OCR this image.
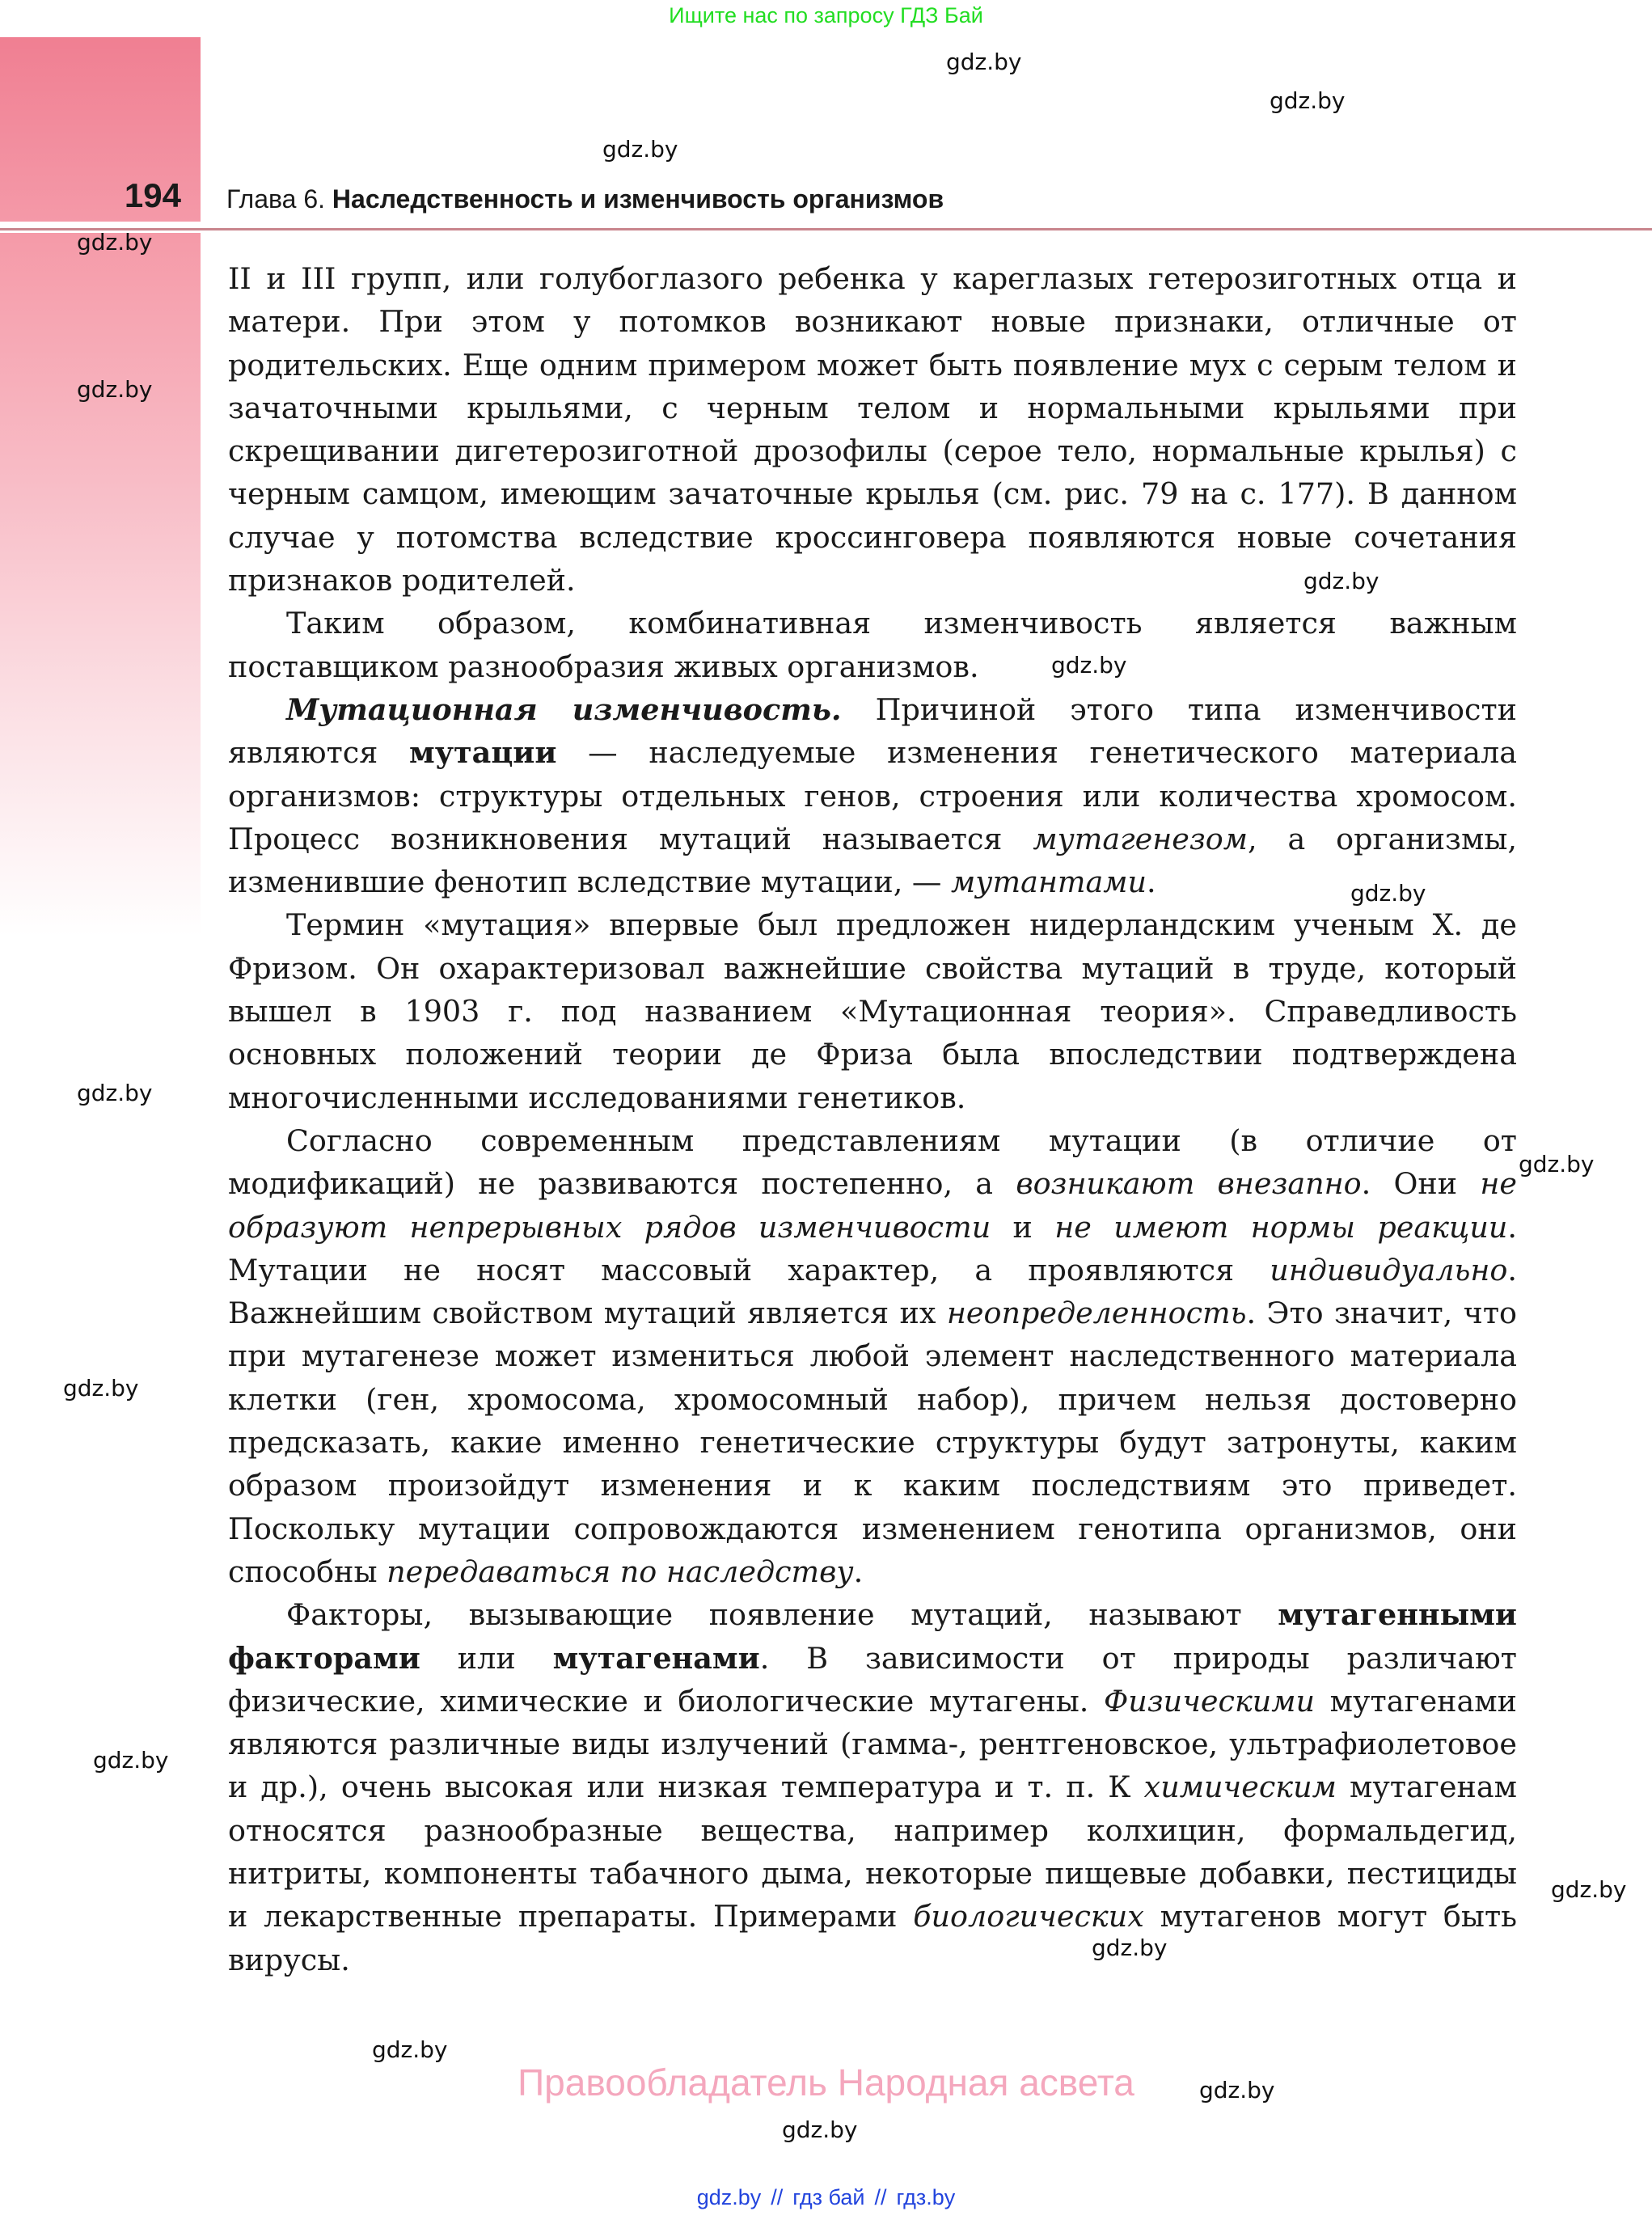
Ищите нас по запросу ГДЗ Бай
194 Глава 6. Наследственность и изменчивость организмов

II и III групп, или голубоглазого ребенка у кареглазых гетерозиготных отца и матери. При этом у потомков возникают новые признаки, отличные от родительских. Еще одним примером может быть появление мух с серым телом и зачаточными крыльями, с черным телом и нормальными крыльями при скрещивании дигетерозиготной дрозофилы (серое тело, нормальные крылья) с черным самцом, имеющим зачаточные крылья (см. рис. 79 на с. 177). В данном случае у потомства вследствие кроссинговера появляются новые сочетания признаков родителей.

Таким образом, комбинативная изменчивость является важным поставщиком разнообразия живых организмов.

Мутационная изменчивость. Причиной этого типа изменчивости являются мутации — наследуемые изменения генетического материала организмов: структуры отдельных генов, строения или количества хромосом. Процесс возникновения мутаций называется мутагенезом, а организмы, изменившие фенотип вследствие мутации, — мутантами.

Термин «мутация» впервые был предложен нидерландским ученым Х. де Фризом. Он охарактеризовал важнейшие свойства мутаций в труде, который вышел в 1903 г. под названием «Мутационная теория». Справедливость основных положений теории де Фриза была впоследствии подтверждена многочисленными исследованиями генетиков.

Согласно современным представлениям мутации (в отличие от модификаций) не развиваются постепенно, а возникают внезапно. Они не образуют непрерывных рядов изменчивости и не имеют нормы реакции. Мутации не носят массовый характер, а проявляются индивидуально. Важнейшим свойством мутаций является их неопределенность. Это значит, что при мутагенезе может измениться любой элемент наследственного материала клетки (ген, хромосома, хромосомный набор), причем нельзя достоверно предсказать, какие именно генетические структуры будут затронуты, каким образом произойдут изменения и к каким последствиям это приведет. Поскольку мутации сопровождаются изменением генотипа организмов, они способны передаваться по наследству.

Факторы, вызывающие появление мутаций, называют мутагенными факторами или мутагенами. В зависимости от природы различают физические, химические и биологические мутагены. Физическими мутагенами являются различные виды излучений (гамма-, рентгеновское, ультрафиолетовое и др.), очень высокая или низкая температура и т. п. К химическим мутагенам относятся разнообразные вещества, например колхицин, формальдегид, нитриты, компоненты табачного дыма, некоторые пищевые добавки, пестициды и лекарственные препараты. Примерами биологических мутагенов могут быть вирусы.

gdz.by
gdz.by
gdz.by
gdz.by
gdz.by
gdz.by
gdz.by
gdz.by
gdz.by
gdz.by
gdz.by
gdz.by
gdz.by
gdz.by
gdz.by
gdz.by
gdz.by
Правообладатель Народная асвета
gdz.by // гдз бай // гдз.by
